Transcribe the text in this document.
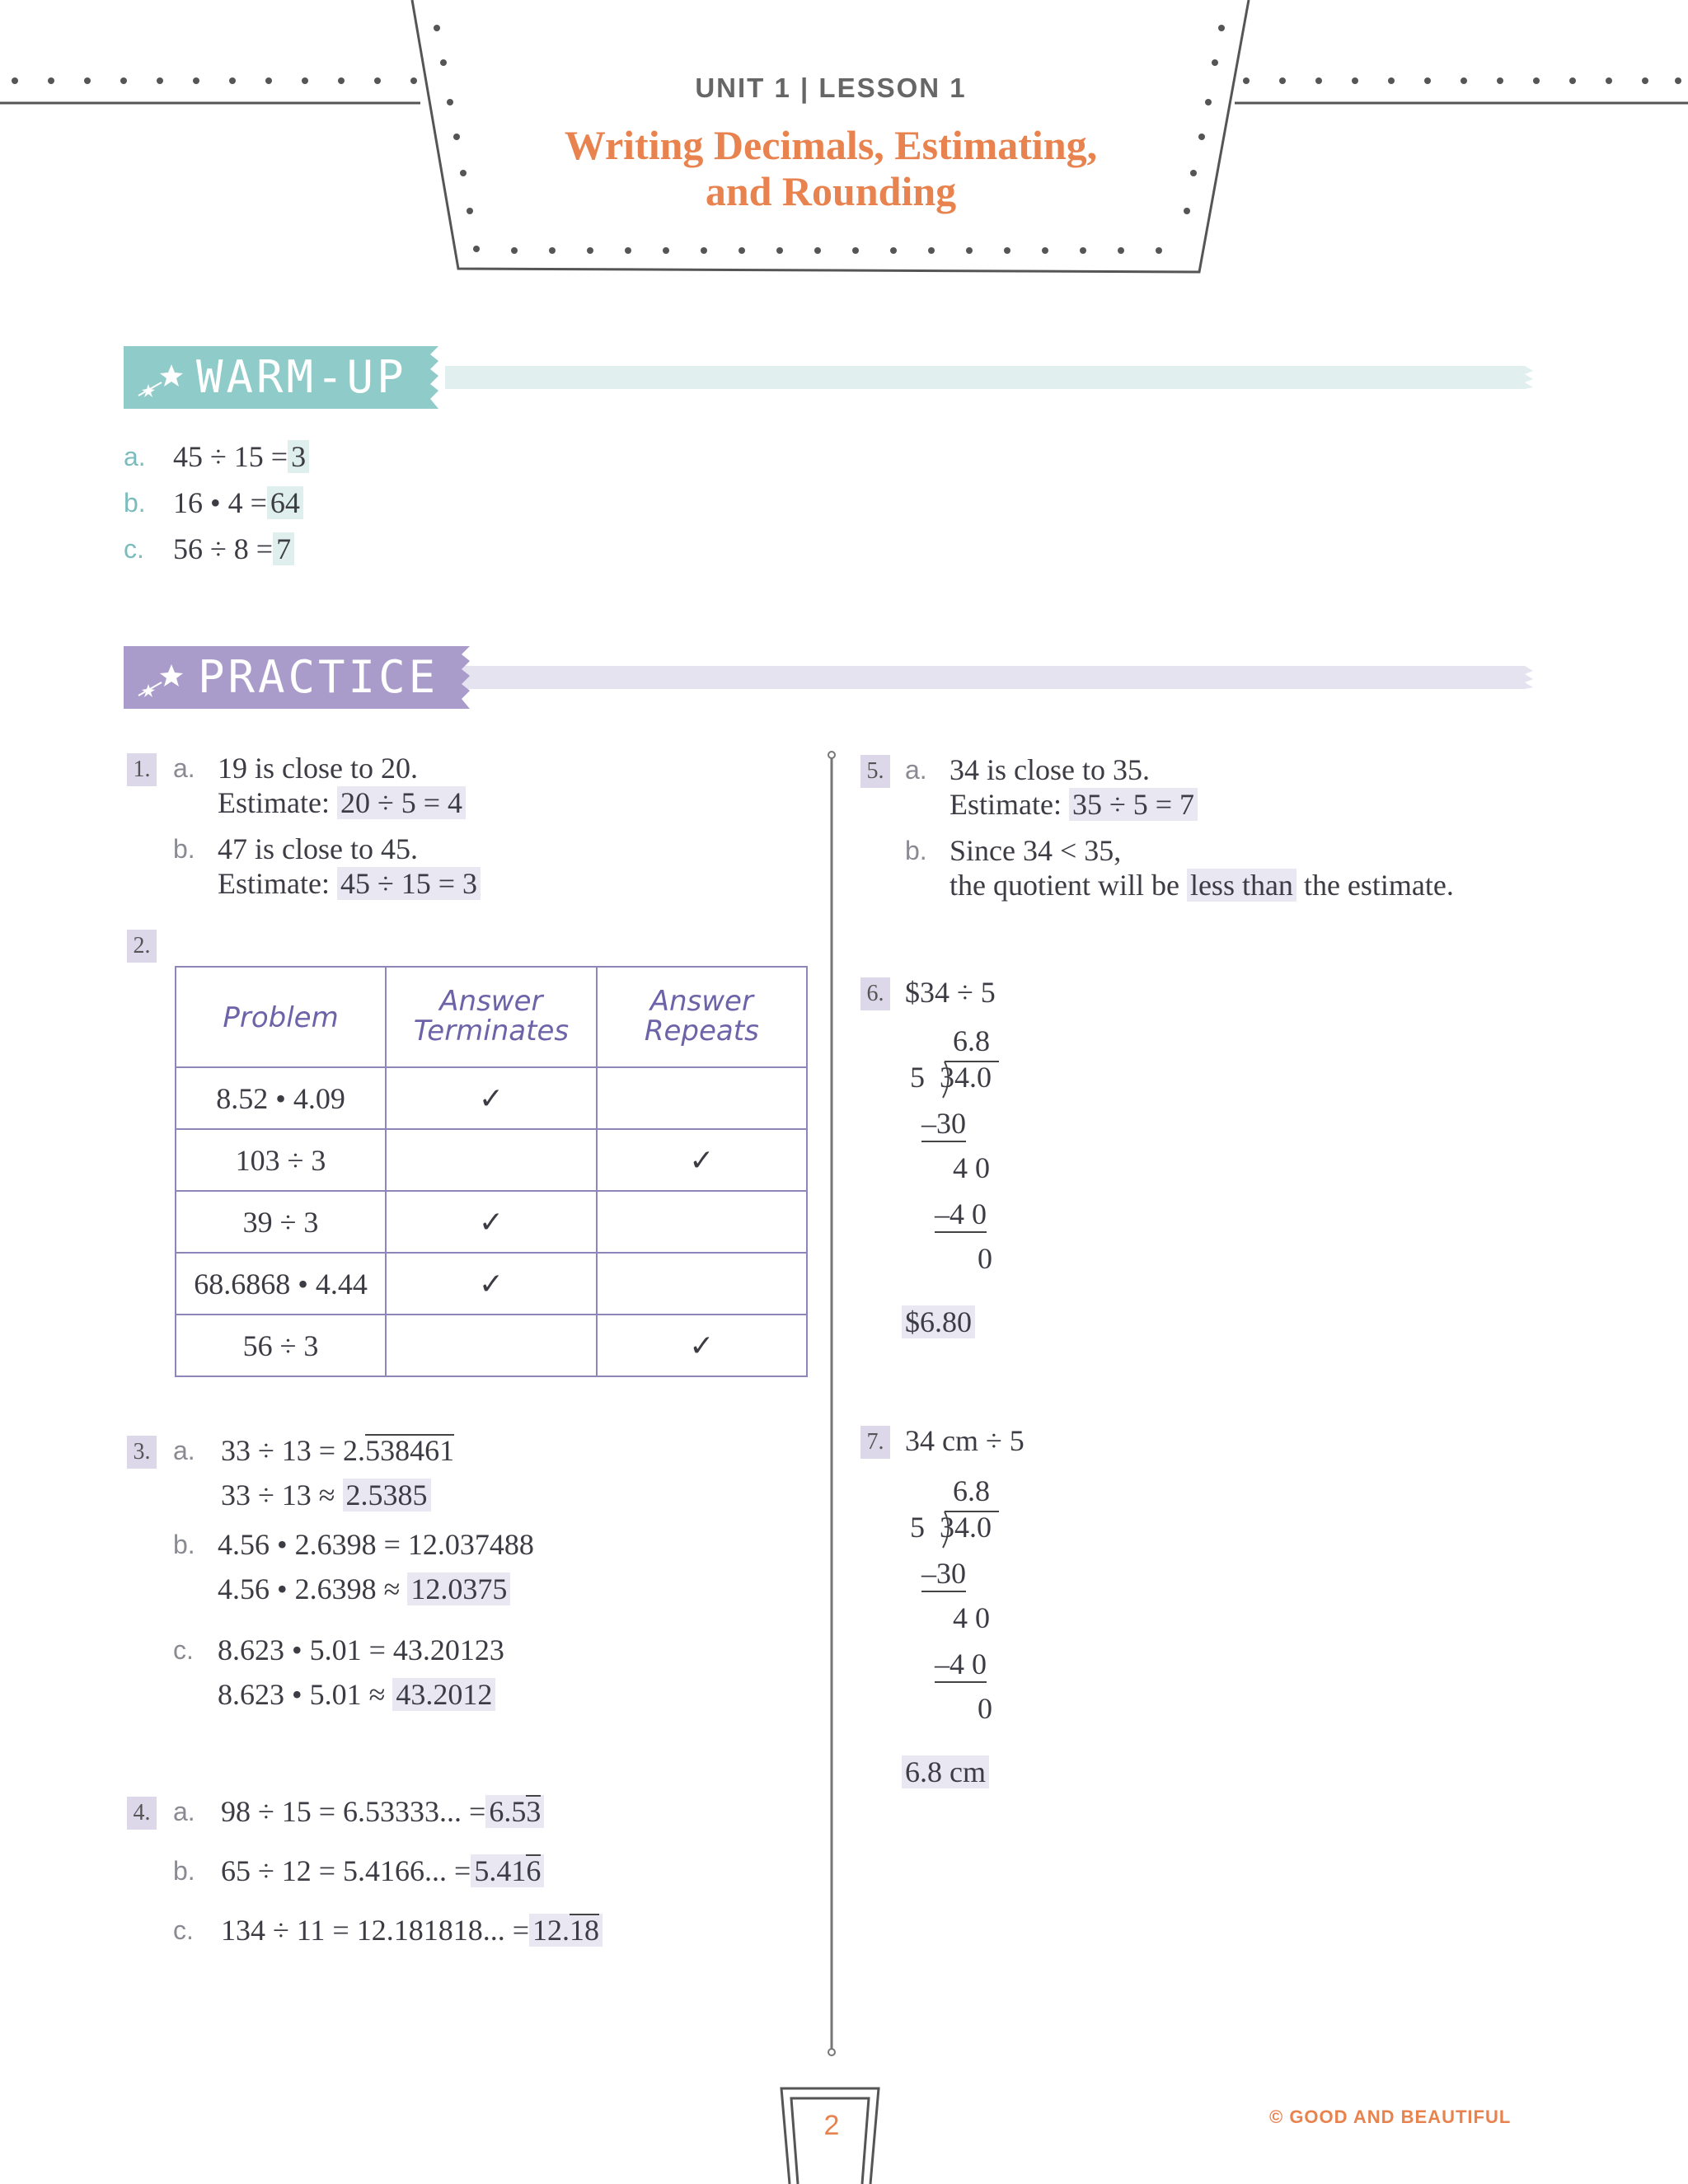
UNIT 1 | LESSON 1
Writing Decimals, Estimating,
and Rounding
WARM-UP
a. 45 ÷ 15 = 3
b. 16 • 4 = 64
c. 56 ÷ 8 = 7
PRACTICE
1. a. 19 is close to 20.
Estimate: 20 ÷ 5 = 4
b. 47 is close to 45.
Estimate: 45 ÷ 15 = 3
2.
Problem	Answer Terminates	Answer Repeats
8.52 • 4.09	✓	
103 ÷ 3		✓
39 ÷ 3	✓	
68.6868 • 4.44	✓	
56 ÷ 3		✓
3. a. 33 ÷ 13 = 2.538461
33 ÷ 13 ≈ 2.5385
b. 4.56 • 2.6398 = 12.037488
4.56 • 2.6398 ≈ 12.0375
c. 8.623 • 5.01 = 43.20123
8.623 • 5.01 ≈ 43.2012
4. a. 98 ÷ 15 = 6.53333... = 6.53
b. 65 ÷ 12 = 5.4166... = 5.416
c. 134 ÷ 11 = 12.181818... = 12.18
5. a. 34 is close to 35.
Estimate: 35 ÷ 5 = 7
b. Since 34 < 35,
the quotient will be less than the estimate.
6. $34 ÷ 5
6.8
5 34.0
–30
4 0
–4 0
0
$6.80
7. 34 cm ÷ 5
6.8
5 34.0
–30
4 0
–4 0
0
6.8 cm
2	© GOOD AND BEAUTIFUL
